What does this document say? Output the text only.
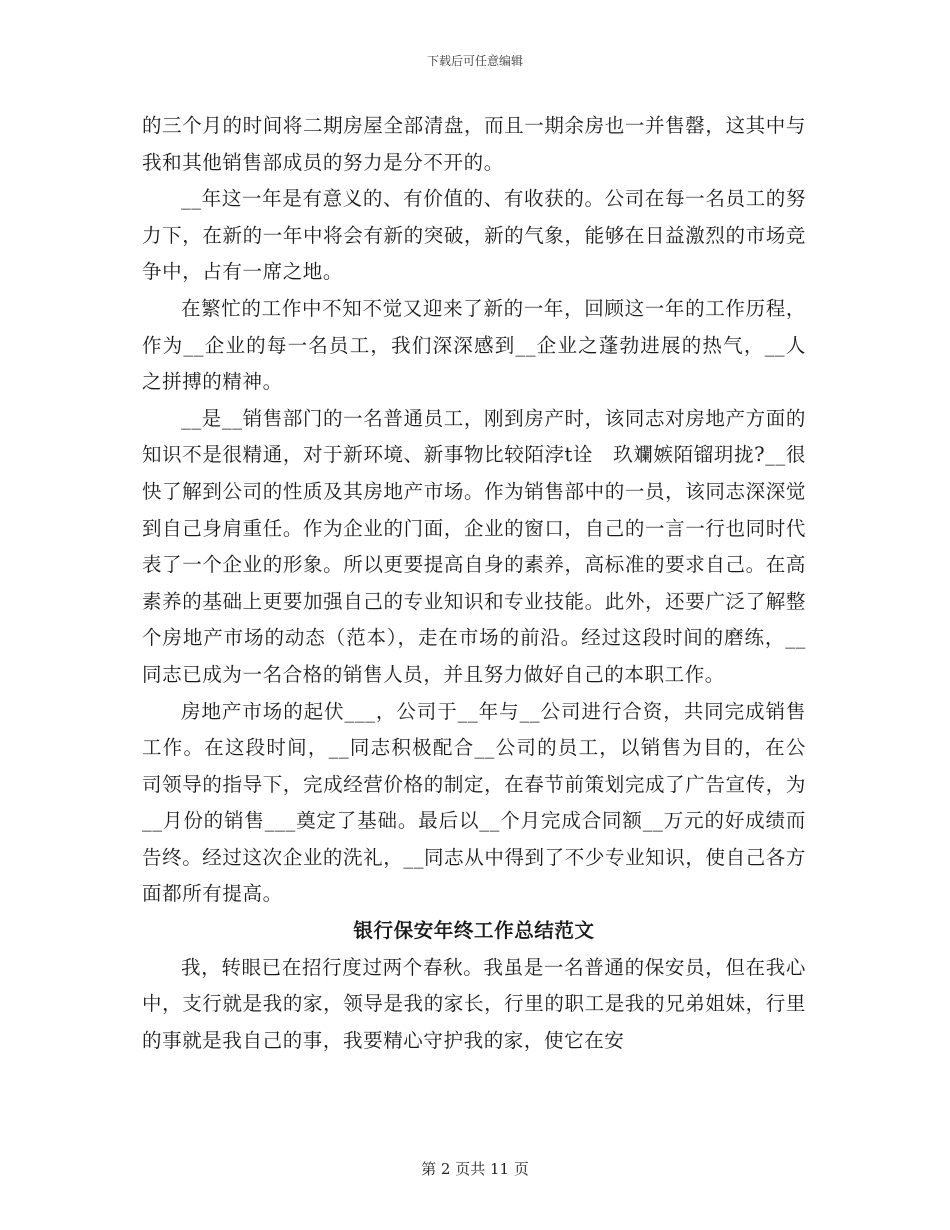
下载后可任意编辑

的三个月的时间将二期房屋全部清盘，而且一期余房也一并售罄，这其中与我和其他销售部成员的努力是分不开的。

__年这一年是有意义的、有价值的、有收获的。公司在每一名员工的努力下，在新的一年中将会有新的突破，新的气象，能够在日益激烈的市场竞争中，占有一席之地。

在繁忙的工作中不知不觉又迎来了新的一年，回顾这一年的工作历程，作为__企业的每一名员工，我们深深感到__企业之蓬勃进展的热气，__人之拼搏的精神。

__是__销售部门的一名普通员工，刚到房产时，该同志对房地产方面的知识不是很精通，对于新环境、新事物比较陌浡t诠　玖斕嫉陌镏玥拢?__很快了解到公司的性质及其房地产市场。作为销售部中的一员，该同志深深觉到自己身肩重任。作为企业的门面，企业的窗口，自己的一言一行也同时代表了一个企业的形象。所以更要提高自身的素养，高标准的要求自己。在高素养的基础上更要加强自己的专业知识和专业技能。此外，还要广泛了解整个房地产市场的动态（范本），走在市场的前沿。经过这段时间的磨练，__同志已成为一名合格的销售人员，并且努力做好自己的本职工作。

房地产市场的起伏___，公司于__年与__公司进行合资，共同完成销售工作。在这段时间，__同志积极配合__公司的员工，以销售为目的，在公司领导的指导下，完成经营价格的制定，在春节前策划完成了广告宣传，为__月份的销售___奠定了基础。最后以__个月完成合同额__万元的好成绩而告终。经过这次企业的洗礼，__同志从中得到了不少专业知识，使自己各方面都所有提高。

银行保安年终工作总结范文

我，转眼已在招行度过两个春秋。我虽是一名普通的保安员，但在我心中，支行就是我的家，领导是我的家长，行里的职工是我的兄弟姐妹，行里的事就是我自己的事，我要精心守护我的家，使它在安

第 2 页共 11 页
